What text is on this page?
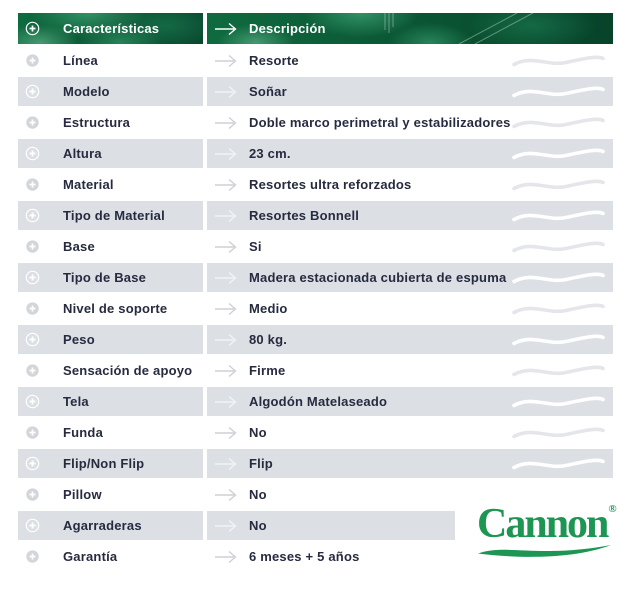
Características	Descripción
Línea	Resorte
Modelo	Soñar
Estructura	Doble marco perimetral y estabilizadores
Altura	23 cm.
Material	Resortes ultra reforzados
Tipo de Material	Resortes Bonnell
Base	Si
Tipo de Base	Madera estacionada cubierta de espuma
Nivel de soporte	Medio
Peso	80 kg.
Sensación de apoyo	Firme
Tela	Algodón Matelaseado
Funda	No
Flip/Non Flip	Flip
Pillow	No
Agarraderas	No
Garantía	6 meses + 5 años
Cannon®
